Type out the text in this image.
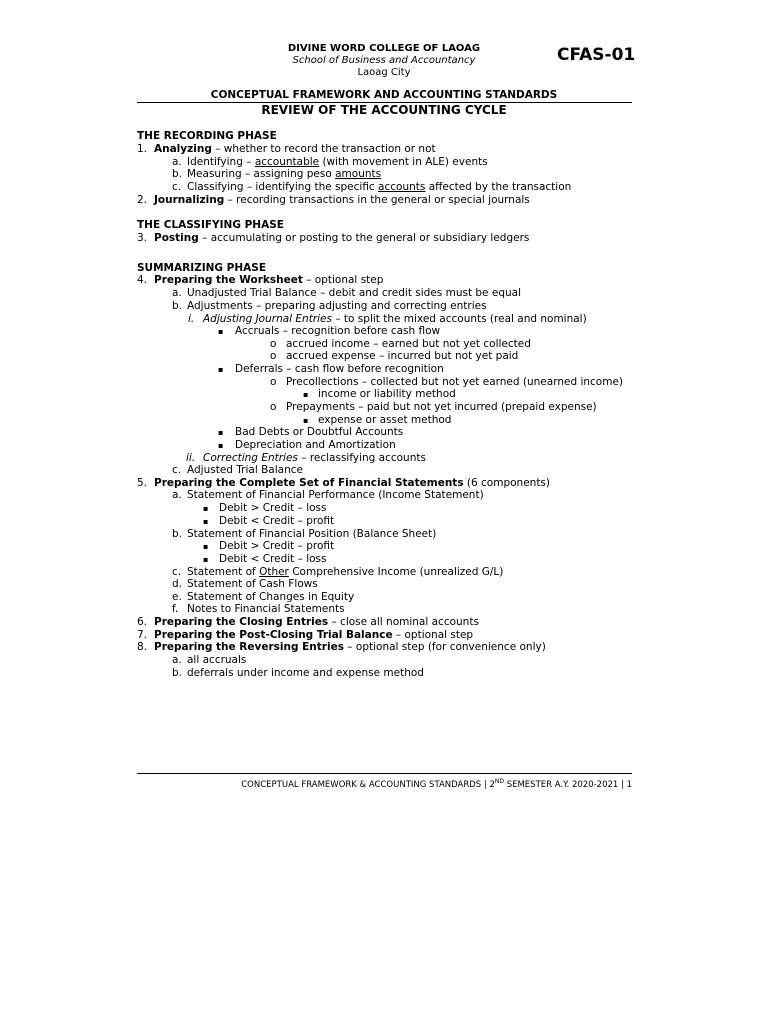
DIVINE WORD COLLEGE OF LAOAG
School of Business and Accountancy
Laoag City
CFAS-01
CONCEPTUAL FRAMEWORK AND ACCOUNTING STANDARDS
REVIEW OF THE ACCOUNTING CYCLE
THE RECORDING PHASE
1. Analyzing – whether to record the transaction or not
a. Identifying – accountable (with movement in ALE) events
b. Measuring – assigning peso amounts
c. Classifying – identifying the specific accounts affected by the transaction
2. Journalizing – recording transactions in the general or special journals
THE CLASSIFYING PHASE
3. Posting – accumulating or posting to the general or subsidiary ledgers
SUMMARIZING PHASE
4. Preparing the Worksheet – optional step
a. Unadjusted Trial Balance – debit and credit sides must be equal
b. Adjustments – preparing adjusting and correcting entries
i. Adjusting Journal Entries – to split the mixed accounts (real and nominal)
▪ Accruals – recognition before cash flow
o accrued income – earned but not yet collected
o accrued expense – incurred but not yet paid
▪ Deferrals – cash flow before recognition
o Precollections – collected but not yet earned (unearned income)
▪ income or liability method
o Prepayments – paid but not yet incurred (prepaid expense)
▪ expense or asset method
▪ Bad Debts or Doubtful Accounts
▪ Depreciation and Amortization
ii. Correcting Entries – reclassifying accounts
c. Adjusted Trial Balance
5. Preparing the Complete Set of Financial Statements (6 components)
a. Statement of Financial Performance (Income Statement)
▪ Debit > Credit – loss
▪ Debit < Credit – profit
b. Statement of Financial Position (Balance Sheet)
▪ Debit > Credit – profit
▪ Debit < Credit – loss
c. Statement of Other Comprehensive Income (unrealized G/L)
d. Statement of Cash Flows
e. Statement of Changes in Equity
f. Notes to Financial Statements
6. Preparing the Closing Entries – close all nominal accounts
7. Preparing the Post-Closing Trial Balance – optional step
8. Preparing the Reversing Entries – optional step (for convenience only)
a. all accruals
b. deferrals under income and expense method
CONCEPTUAL FRAMEWORK & ACCOUNTING STANDARDS | 2ND SEMESTER A.Y. 2020-2021 | 1
